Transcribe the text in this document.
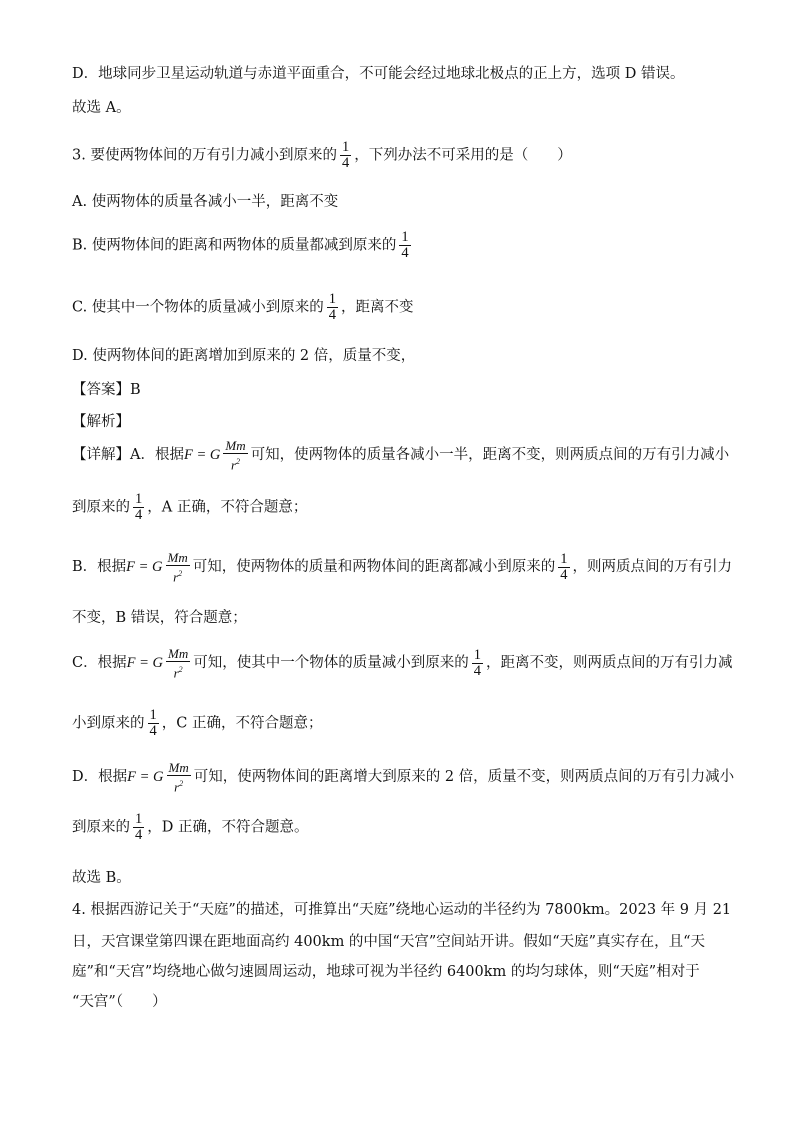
D．地球同步卫星运动轨道与赤道平面重合，不可能会经过地球北极点的正上方，选项 D 错误。
故选 A。
3. 要使两物体间的万有引力减小到原来的 $\frac{1}{4}$ ，下列办法不可采用的是（　　）
A. 使两物体的质量各减小一半，距离不变
B. 使两物体间的距离和两物体的质量都减到原来的 $\frac{1}{4}$
C. 使其中一个物体的质量减小到原来的 $\frac{1}{4}$ ，距离不变
D. 使两物体间的距离增加到原来的 2 倍，质量不变，
【答案】B
【解析】
【详解】A．根据F = G $\frac{Mm}{r^2}$ 可知，使两物体的质量各减小一半，距离不变，则两质点间的万有引力减小
到原来的 $\frac{1}{4}$ ，A 正确，不符合题意；
B．根据F = G $\frac{Mm}{r^2}$ 可知，使两物体的质量和两物体间的距离都减小到原来的 $\frac{1}{4}$ ，则两质点间的万有引力
不变，B 错误，符合题意；
C．根据F = G $\frac{Mm}{r^2}$ 可知，使其中一个物体的质量减小到原来的 $\frac{1}{4}$ ，距离不变，则两质点间的万有引力减
小到原来的 $\frac{1}{4}$ ，C 正确，不符合题意；
D．根据F = G $\frac{Mm}{r^2}$ 可知，使两物体间的距离增大到原来的 2 倍，质量不变，则两质点间的万有引力减小
到原来的 $\frac{1}{4}$ ，D 正确，不符合题意。
故选 B。
4. 根据西游记关于“天庭”的描述，可推算出“天庭”绕地心运动的半径约为 7800km。2023 年 9 月 21
日，天宫课堂第四课在距地面高约 400km 的中国“天宫”空间站开讲。假如“天庭”真实存在，且“天
庭”和“天宫”均绕地心做匀速圆周运动，地球可视为半径约 6400km 的均匀球体，则“天庭”相对于
“天宫”（　　）
